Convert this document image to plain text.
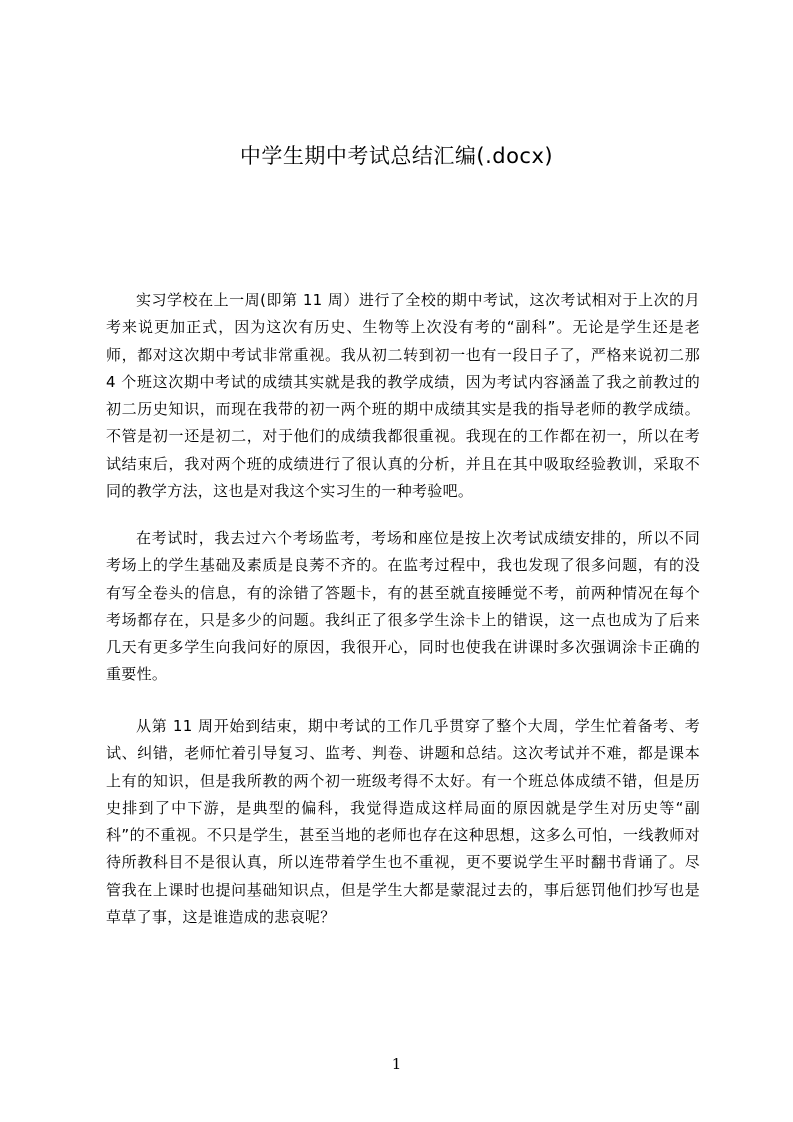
中学生期中考试总结汇编(.docx)

实习学校在上一周(即第 11 周）进行了全校的期中考试，这次考试相对于上次的月考来说更加正式，因为这次有历史、生物等上次没有考的“副科”。无论是学生还是老师，都对这次期中考试非常重视。我从初二转到初一也有一段日子了，严格来说初二那 4 个班这次期中考试的成绩其实就是我的教学成绩，因为考试内容涵盖了我之前教过的初二历史知识，而现在我带的初一两个班的期中成绩其实是我的指导老师的教学成绩。不管是初一还是初二，对于他们的成绩我都很重视。我现在的工作都在初一，所以在考试结束后，我对两个班的成绩进行了很认真的分析，并且在其中吸取经验教训，采取不同的教学方法，这也是对我这个实习生的一种考验吧。

在考试时，我去过六个考场监考，考场和座位是按上次考试成绩安排的，所以不同考场上的学生基础及素质是良莠不齐的。在监考过程中，我也发现了很多问题，有的没有写全卷头的信息，有的涂错了答题卡，有的甚至就直接睡觉不考，前两种情况在每个考场都存在，只是多少的问题。我纠正了很多学生涂卡上的错误，这一点也成为了后来几天有更多学生向我问好的原因，我很开心，同时也使我在讲课时多次强调涂卡正确的重要性。

从第 11 周开始到结束，期中考试的工作几乎贯穿了整个大周，学生忙着备考、考试、纠错，老师忙着引导复习、监考、判卷、讲题和总结。这次考试并不难，都是课本上有的知识，但是我所教的两个初一班级考得不太好。有一个班总体成绩不错，但是历史排到了中下游，是典型的偏科，我觉得造成这样局面的原因就是学生对历史等“副科”的不重视。不只是学生，甚至当地的老师也存在这种思想，这多么可怕，一线教师对待所教科目不是很认真，所以连带着学生也不重视，更不要说学生平时翻书背诵了。尽管我在上课时也提问基础知识点，但是学生大都是蒙混过去的，事后惩罚他们抄写也是草草了事，这是谁造成的悲哀呢？

1
